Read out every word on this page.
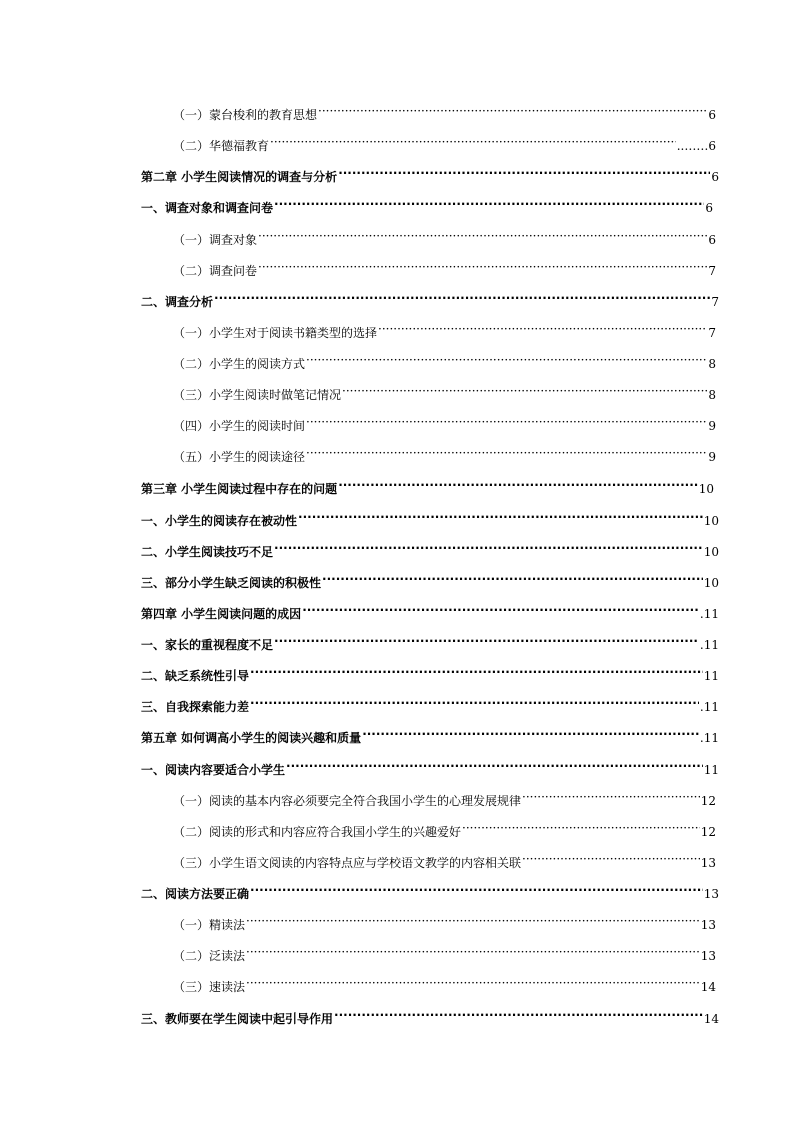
（一）蒙台梭利的教育思想 ·····	6
（二）华德福教育 ·····	..……6
第二章 小学生阅读情况的调查与分析 ·····	6
一、调查对象和调查问卷 ·····	6
（一）调查对象 ·····	6
（二）调查问卷 ·····	7
二、调查分析 ·····	7
（一）小学生对于阅读书籍类型的选择 ·····	7
（二）小学生的阅读方式 ·····	8
（三）小学生阅读时做笔记情况 ·····	8
（四）小学生的阅读时间 ·····	9
（五）小学生的阅读途径 ·····	9
第三章 小学生阅读过程中存在的问题 ·····	10
一、小学生的阅读存在被动性 ·····	10
二、小学生阅读技巧不足 ·····	10
三、部分小学生缺乏阅读的积极性 ·····	10
第四章 小学生阅读问题的成因 ·····	.11
一、家长的重视程度不足 ·····	.11
二、缺乏系统性引导 ·····	11
三、自我探索能力差 ·····	.11
第五章 如何调高小学生的阅读兴趣和质量 ·····	.11
一、阅读内容要适合小学生 ·····	11
（一）阅读的基本内容必须要完全符合我国小学生的心理发展规律 ·····	12
（二）阅读的形式和内容应符合我国小学生的兴趣爱好 ·····	12
（三）小学生语文阅读的内容特点应与学校语文教学的内容相关联 ·····	13
二、阅读方法要正确 ·····	13
（一）精读法 ·····	13
（二）泛读法 ·····	13
（三）速读法 ·····	14
三、教师要在学生阅读中起引导作用 ·····	14
